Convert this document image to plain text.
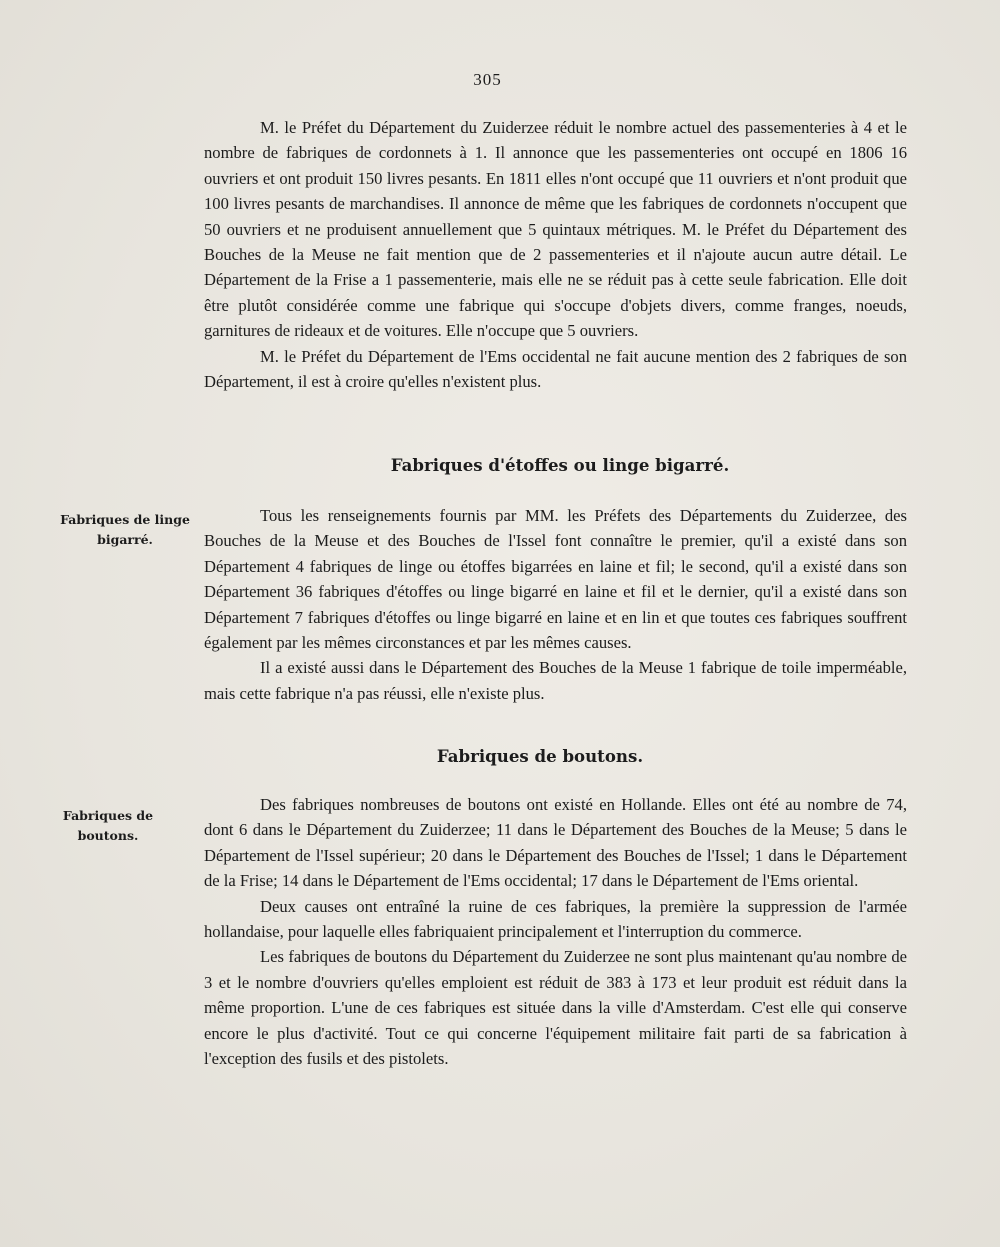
305

M. le Préfet du Département du Zuiderzee réduit le nombre actuel des passementeries à 4 et le nombre de fabriques de cordonnets à 1. Il annonce que les passementeries ont occupé en 1806 16 ouvriers et ont produit 150 livres pesants. En 1811 elles n'ont occupé que 11 ouvriers et n'ont produit que 100 livres pesants de marchandises. Il annonce de même que les fabriques de cordonnets n'occupent que 50 ouvriers et ne produisent annuellement que 5 quintaux métriques. M. le Préfet du Département des Bouches de la Meuse ne fait mention que de 2 passementeries et il n'ajoute aucun autre détail. Le Département de la Frise a 1 passementerie, mais elle ne se réduit pas à cette seule fabrication. Elle doit être plutôt considérée comme une fabrique qui s'occupe d'objets divers, comme franges, noeuds, garnitures de rideaux et de voitures. Elle n'occupe que 5 ouvriers.

M. le Préfet du Département de l'Ems occidental ne fait aucune mention des 2 fabriques de son Département, il est à croire qu'elles n'existent plus.

Fabriques d'étoffes ou linge bigarré.
Fabriques de linge bigarré.

Tous les renseignements fournis par MM. les Préfets des Départements du Zuiderzee, des Bouches de la Meuse et des Bouches de l'Issel font connaître le premier, qu'il a existé dans son Département 4 fabriques de linge ou étoffes bigarrées en laine et fil; le second, qu'il a existé dans son Département 36 fabriques d'étoffes ou linge bigarré en laine et fil et le dernier, qu'il a existé dans son Département 7 fabriques d'étoffes ou linge bigarré en laine et en lin et que toutes ces fabriques souffrent également par les mêmes circonstances et par les mêmes causes.

Il a existé aussi dans le Département des Bouches de la Meuse 1 fabrique de toile imperméable, mais cette fabrique n'a pas réussi, elle n'existe plus.

Fabriques de boutons.
Fabriques de boutons.

Des fabriques nombreuses de boutons ont existé en Hollande. Elles ont été au nombre de 74, dont 6 dans le Département du Zuiderzee; 11 dans le Département des Bouches de la Meuse; 5 dans le Département de l'Issel supérieur; 20 dans le Département des Bouches de l'Issel; 1 dans le Département de la Frise; 14 dans le Département de l'Ems occidental; 17 dans le Département de l'Ems oriental.

Deux causes ont entraîné la ruine de ces fabriques, la première la suppression de l'armée hollandaise, pour laquelle elles fabriquaient principalement et l'interruption du commerce.

Les fabriques de boutons du Département du Zuiderzee ne sont plus maintenant qu'au nombre de 3 et le nombre d'ouvriers qu'elles emploient est réduit de 383 à 173 et leur produit est réduit dans la même proportion. L'une de ces fabriques est située dans la ville d'Amsterdam. C'est elle qui conserve encore le plus d'activité. Tout ce qui concerne l'équipement militaire fait parti de sa fabrication à l'exception des fusils et des pistolets.
